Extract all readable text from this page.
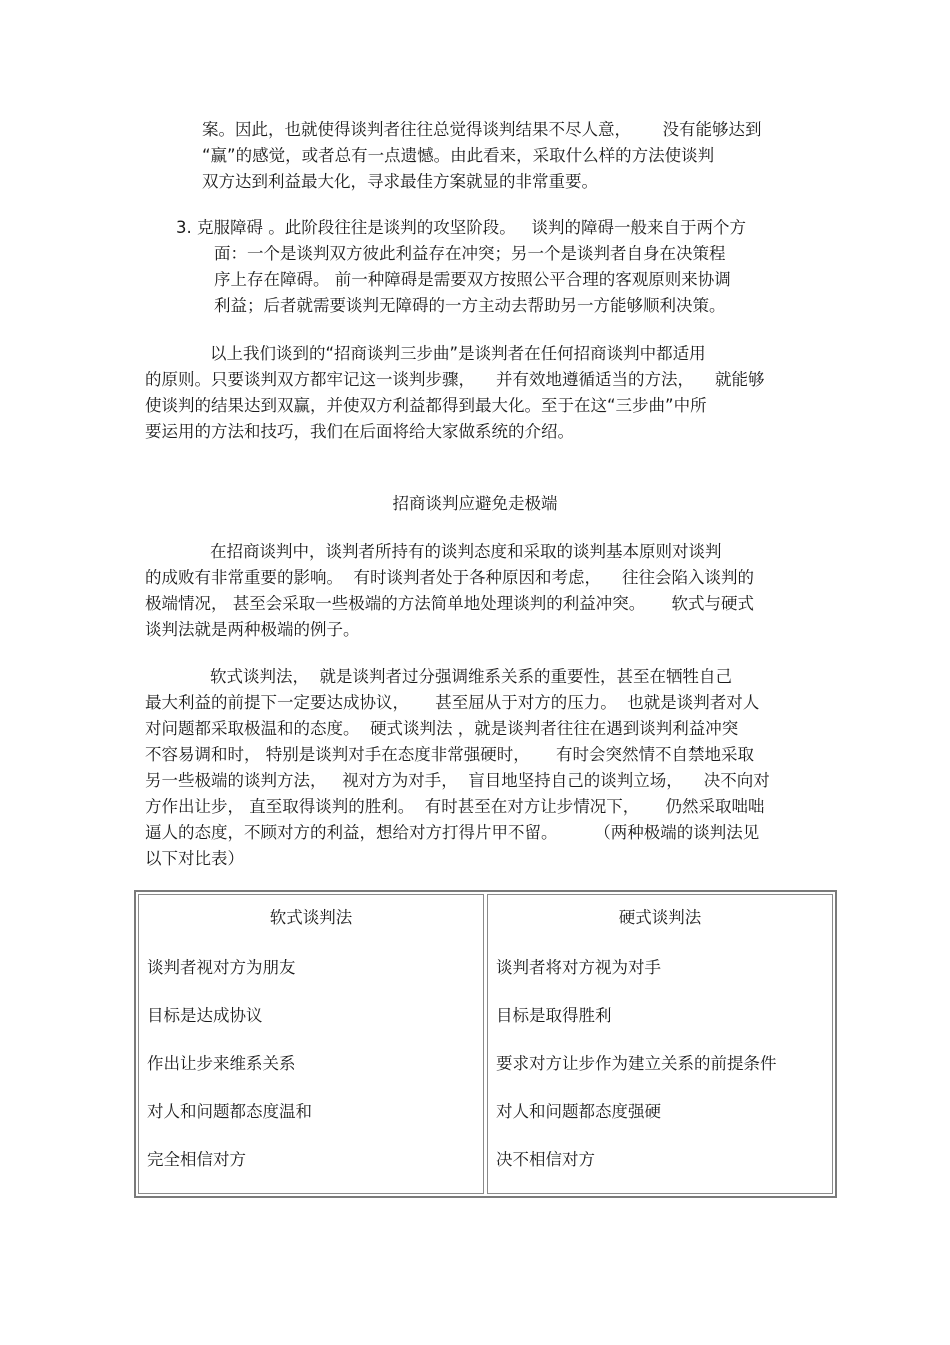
案。因此，也就使得谈判者往往总觉得谈判结果不尽人意，      没有能够达到
“赢”的感觉，或者总有一点遗憾。由此看来，采取什么样的方法使谈判
双方达到利益最大化，寻求最佳方案就显的非常重要。
3. 克服障碍 。此阶段往往是谈判的攻坚阶段。   谈判的障碍一般来自于两个方
面：一个是谈判双方彼此利益存在冲突；另一个是谈判者自身在决策程
序上存在障碍。 前一种障碍是需要双方按照公平合理的客观原则来协调
利益；后者就需要谈判无障碍的一方主动去帮助另一方能够顺利决策。
以上我们谈到的“招商谈判三步曲”是谈判者在任何招商谈判中都适用
的原则。只要谈判双方都牢记这一谈判步骤，    并有效地遵循适当的方法，    就能够
使谈判的结果达到双赢，并使双方利益都得到最大化。至于在这“三步曲”中所
要运用的方法和技巧，我们在后面将给大家做系统的介绍。
招商谈判应避免走极端
在招商谈判中，谈判者所持有的谈判态度和采取的谈判基本原则对谈判
的成败有非常重要的影响。  有时谈判者处于各种原因和考虑，    往往会陷入谈判的
极端情况， 甚至会采取一些极端的方法简单地处理谈判的利益冲突。     软式与硬式
谈判法就是两种极端的例子。
软式谈判法，  就是谈判者过分强调维系关系的重要性，甚至在牺牲自己
最大利益的前提下一定要达成协议，     甚至屈从于对方的压力。  也就是谈判者对人
对问题都采取极温和的态度。  硬式谈判法 ，就是谈判者往往在遇到谈判利益冲突
不容易调和时， 特别是谈判对手在态度非常强硬时，     有时会突然情不自禁地采取
另一些极端的谈判方法，   视对方为对手，  盲目地坚持自己的谈判立场，    决不向对
方作出让步， 直至取得谈判的胜利。  有时甚至在对方让步情况下，     仍然采取咄咄
逼人的态度，不顾对方的利益，想给对方打得片甲不留。       （两种极端的谈判法见
以下对比表）
软式谈判法
谈判者视对方为朋友
目标是达成协议
作出让步来维系关系
对人和问题都态度温和
完全相信对方
硬式谈判法
谈判者将对方视为对手
目标是取得胜利
要求对方让步作为建立关系的前提条件
对人和问题都态度强硬
决不相信对方
